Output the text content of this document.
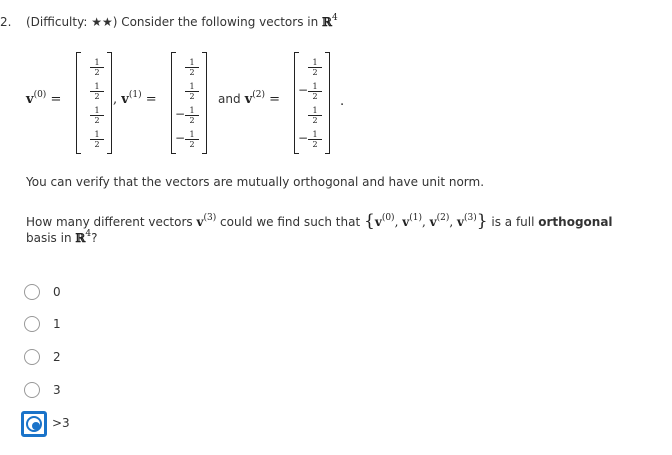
2. (Difficulty: ★★) Consider the following vectors in ℝ$^4$
$v^{(0)}$ =
$\frac{1}{2}$
$\frac{1}{2}$
$\frac{1}{2}$
$\frac{1}{2}$
, $v^{(1)}$ =
$\frac{1}{2}$
$\frac{1}{2}$
− $\frac{1}{2}$
− $\frac{1}{2}$
and $v^{(2)}$ =
$\frac{1}{2}$
− $\frac{1}{2}$
$\frac{1}{2}$
− $\frac{1}{2}$
.
You can verify that the vectors are mutually orthogonal and have unit norm.
How many different vectors $v^{(3)}$ could we find such that {$v^{(0)}$, $v^{(1)}$, $v^{(2)}$, $v^{(3)}$} is a full orthogonal
basis in ℝ$^4$?
0
1
2
3
>3
